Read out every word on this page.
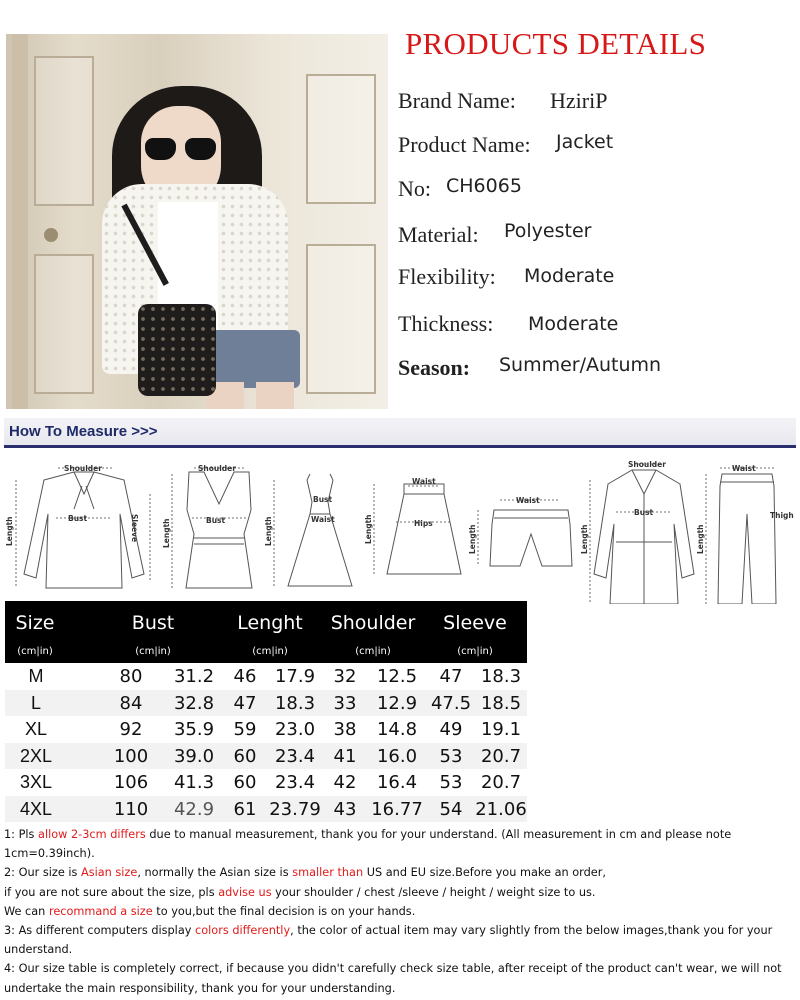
PRODUCTS DETAILS
Brand Name: HziriP
Product Name: Jacket
No: CH6065
Material: Polyester
Flexibility: Moderate
Thickness: Moderate
Season: Summer/Autumn
How To Measure >>>
Shoulder
Bust	Sleeve
Length
Shoulder
Bust
Length
Bust
Waist
Length
Waist
Hips
Length
Waist
Length
Shoulder
Bust
Length
Waist
Thigh
Length
Size	Bust	Lenght	Shoulder	Sleeve
(cm|in)	(cm|in)	(cm|in)	(cm|in)	(cm|in)
M	80	31.2	46	17.9	32	12.5	47	18.3
L	84	32.8	47	18.3	33	12.9 47.5 18.5
XL	92	35.9	59	23.0	38	14.8	49	19.1
2XL	100 39.0	60	23.4	41	16.0	53	20.7
3XL	106 41.3	60	23.4	42	16.4	53	20.7
4XL	110 42.9	61 23.79 43 16.77 54 21.06

1: Pls allow 2-3cm differs due to manual measurement, thank you for your understand. (All measurement in cm and please note

1cm=0.39inch).

2: Our size is Asian size, normally the Asian size is smaller than US and EU size.Before you make an order,

if you are not sure about the size, pls advise us your shoulder / chest /sleeve / height / weight size to us.

We can recommand a size to you,but the final decision is on your hands.

3: As different computers display colors differently, the color of actual item may vary slightly from the below images,thank you for your

understand.

4: Our size table is completely correct, if because you didn't carefully check size table, after receipt of the product can't wear, we will not

undertake the main responsibility, thank you for your understanding.
